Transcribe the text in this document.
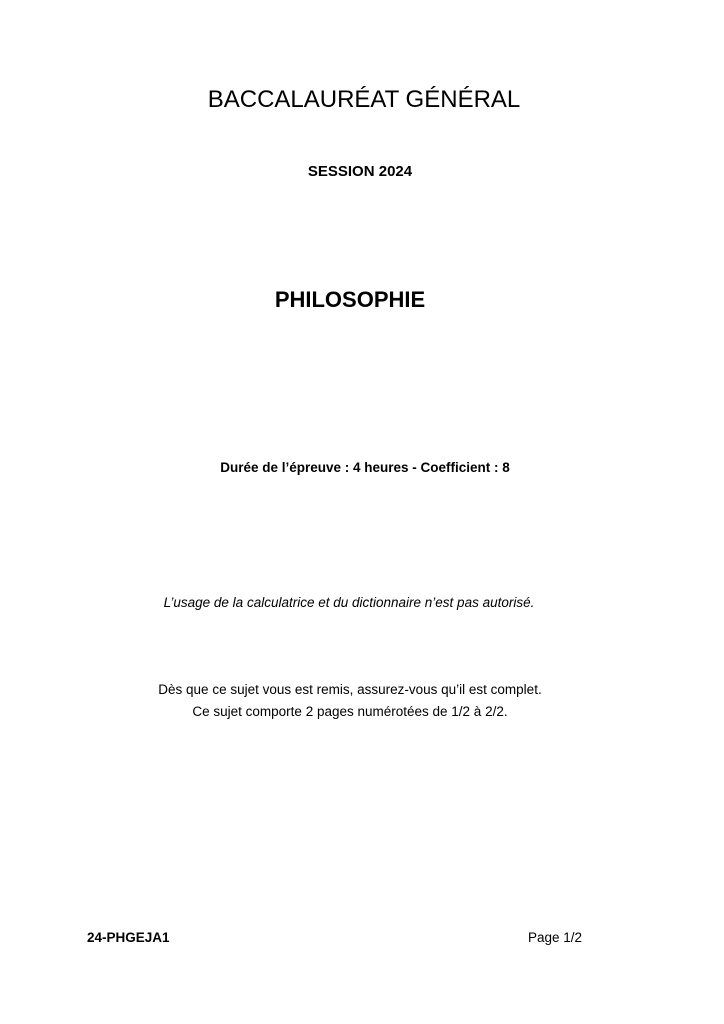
BACCALAURÉAT GÉNÉRAL
SESSION 2024
PHILOSOPHIE
Durée de l’épreuve : 4 heures - Coefficient : 8
L’usage de la calculatrice et du dictionnaire n’est pas autorisé.
Dès que ce sujet vous est remis, assurez-vous qu’il est complet.
Ce sujet comporte 2 pages numérotées de 1/2 à 2/2.
24-PHGEJA1	Page 1/2
